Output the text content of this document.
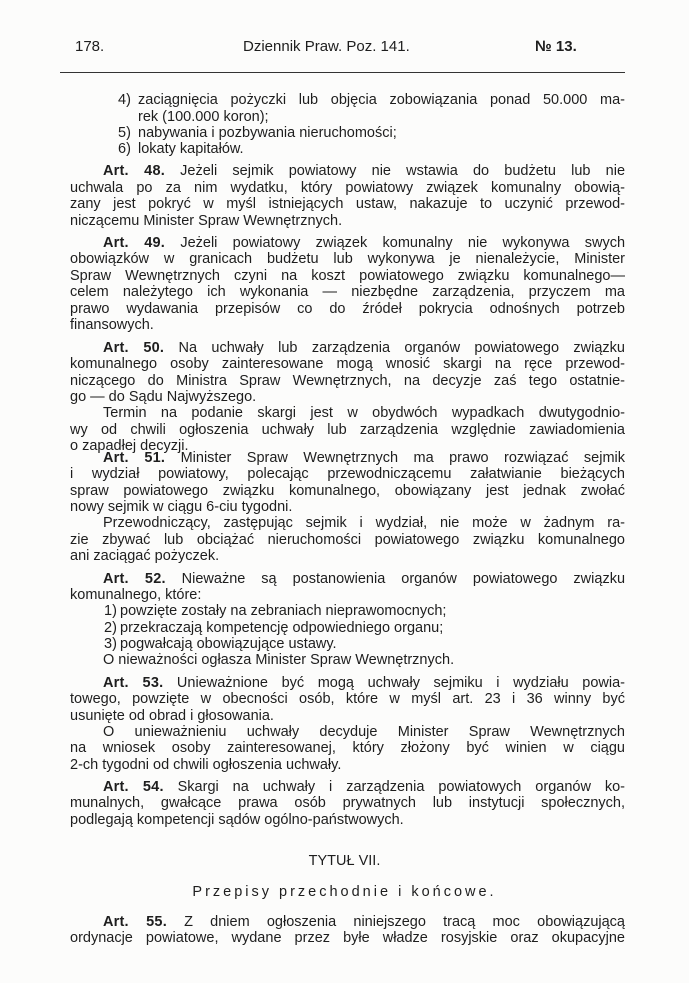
178.	Dziennik Praw. Poz. 141.	№ 13.
4) zaciągnięcia pożyczki lub objęcia zobowiązania ponad 50.000 ma-
rek (100.000 koron);
5) nabywania i pozbywania nieruchomości;
6) lokaty kapitałów.
Art. 48. Jeżeli sejmik powiatowy nie wstawia do budżetu lub nie
uchwala po za nim wydatku, który powiatowy związek komunalny obowią-
zany jest pokryć w myśl istniejących ustaw, nakazuje to uczynić przewod-
niczącemu Minister Spraw Wewnętrznych.
Art. 49. Jeżeli powiatowy związek komunalny nie wykonywa swych
obowiązków w granicach budżetu lub wykonywa je nienależycie, Minister
Spraw Wewnętrznych czyni na koszt powiatowego związku komunalnego—
celem należytego ich wykonania — niezbędne zarządzenia, przyczem ma
prawo wydawania przepisów co do źródeł pokrycia odnośnych potrzeb
finansowych.
Art. 50. Na uchwały lub zarządzenia organów powiatowego związku
komunalnego osoby zainteresowane mogą wnosić skargi na ręce przewod-
niczącego do Ministra Spraw Wewnętrznych, na decyzje zaś tego ostatnie-
go — do Sądu Najwyższego.
Termin na podanie skargi jest w obydwóch wypadkach dwutygodnio-
wy od chwili ogłoszenia uchwały lub zarządzenia względnie zawiadomienia
o zapadłej decyzji.
Art. 51. Minister Spraw Wewnętrznych ma prawo rozwiązać sejmik
i wydział powiatowy, polecając przewodniczącemu załatwianie bieżących
spraw powiatowego związku komunalnego, obowiązany jest jednak zwołać
nowy sejmik w ciągu 6-ciu tygodni.
Przewodniczący, zastępując sejmik i wydział, nie może w żadnym ra-
zie zbywać lub obciążać nieruchomości powiatowego związku komunalnego
ani zaciągać pożyczek.
Art. 52. Nieważne są postanowienia organów powiatowego związku
komunalnego, które:
1) powzięte zostały na zebraniach nieprawomocnych;
2) przekraczają kompetencję odpowiedniego organu;
3) pogwałcają obowiązujące ustawy.
O nieważności ogłasza Minister Spraw Wewnętrznych.
Art. 53. Unieważnione być mogą uchwały sejmiku i wydziału powia-
towego, powzięte w obecności osób, które w myśl art. 23 i 36 winny być
usunięte od obrad i głosowania.
O unieważnieniu uchwały decyduje Minister Spraw Wewnętrznych
na wniosek osoby zainteresowanej, który złożony być winien w ciągu
2-ch tygodni od chwili ogłoszenia uchwały.
Art. 54. Skargi na uchwały i zarządzenia powiatowych organów ko-
munalnych, gwałcące prawa osób prywatnych lub instytucji społecznych,
podlegają kompetencji sądów ogólno-państwowych.
Art. 55. Z dniem ogłoszenia niniejszego tracą moc obowiązującą
ordynacje powiatowe, wydane przez byłe władze rosyjskie oraz okupacyjne
TYTUŁ VII.
Przepisy przechodnie i końcowe.
